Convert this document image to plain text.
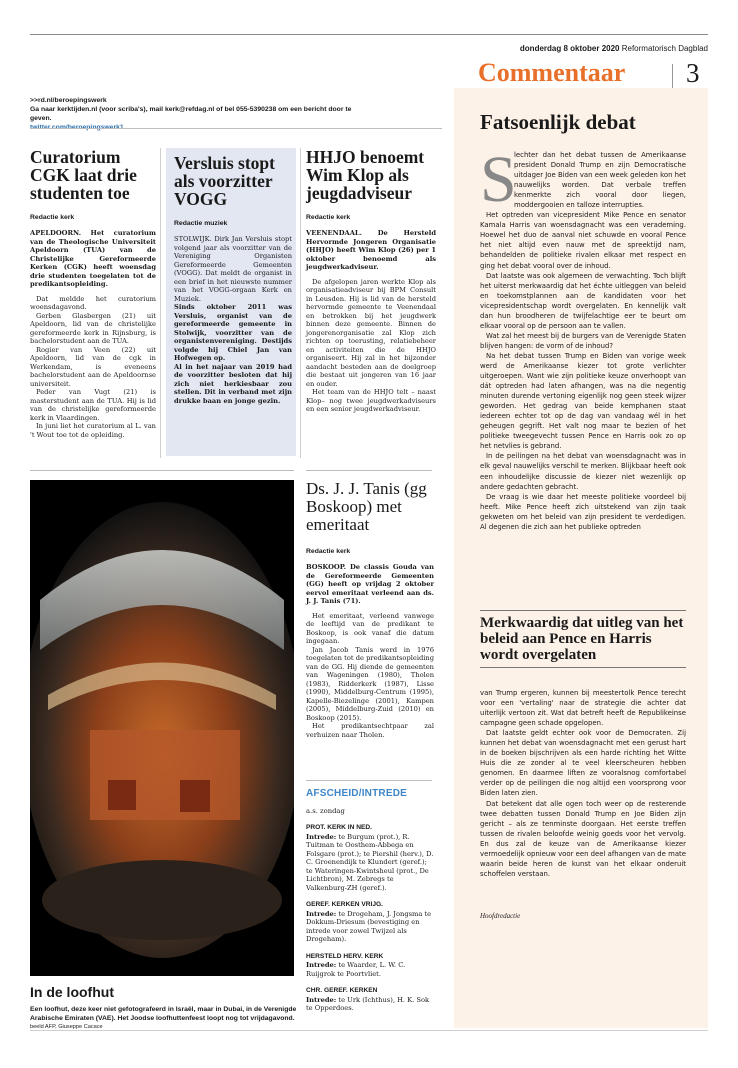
donderdag 8 oktober 2020 Reformatorisch Dagblad
Commentaar 3
>>rd.nl/beroepingswerk
Ga naar kerktijden.nl (voor scriba's), mail kerk@refdag.nl of bel 055-5390238 om een bericht door te geven.
Curatorium CGK laat drie studenten toe
Redactie kerk
APELDOORN. Het curatorium van de Theologische Universiteit Apeldoorn (TUA) van de Christelijke Gereformeerde Kerken (CGK) heeft woensdag drie studenten toegelaten tot de predikantsopleiding.

Dat meldde het curatorium woensdagavond.

Gerben Glasbergen (21) uit Apeldoorn, lid van de christelijke gereformeerde kerk in Rijnsburg, is bachelorstudent aan de TUA.

Rogier van Veen (22) uit Apeldoorn, lid van de cgk in Werkendam, is eveneens bachelorstudent aan de Apeldoornse universiteit.

Peder van Vugt (21) is masterstudent aan de TUA. Hij is lid van de christelijke gereformeerde kerk in Vlaardingen.

In juni liet het curatorium al L. van 't Wout toe tot de opleiding.

Versluis stopt als voorzitter VOGG
Redactie muziek
STOLWIJK. Dirk Jan Versluis stopt volgend jaar als voorzitter van de Vereniging Organisten Gereformeerde Gemeenten (VOGG). Dat meldt de organist in een brief in het nieuwste nummer van het VOGG-orgaan Kerk en Muziek.
Sinds oktober 2011 was Versluis, organist van de gereformeerde gemeente in Stolwijk, voorzitter van de organistenvereniging. Destijds volgde hij Chiel Jan van Hofwegen op.
Al in het najaar van 2019 had de voorzitter besloten dat hij zich niet herkiesbaar zou stellen. Dit in verband met zijn drukke baan en jonge gezin.
HHJO benoemt Wim Klop als jeugdadviseur
Redactie kerk
VEENENDAAL. De Hersteld Hervormde Jongeren Organisatie (HHJO) heeft Wim Klop (26) per 1 oktober benoemd als jeugdwerkadviseur.

De afgelopen jaren werkte Klop als organisatieadviseur bij BPM Consult in Leusden. Hij is lid van de hersteld hervormde gemeente te Veenendaal en betrokken bij het jeugdwerk binnen deze gemeente. Binnen de jongerenorganisatie zal Klop zich richten op toerusting, relatiebeheer en activiteiten die de HHJO organiseert. Hij zal in het bijzonder aandacht besteden aan de doelgroep die bestaat uit jongeren van 16 jaar en ouder.

Het team van de HHJO telt – naast Klop– nog twee jeugdwerkadviseurs en een senior jeugdwerkadviseur.

In de loofhut
Een loofhut, deze keer niet gefotografeerd in Israël, maar in Dubai, in de Verenigde Arabische Emiraten (VAE). Het Joodse loofhuttenfeest loopt nog tot vrijdagavond. beeld AFP, Giuseppe Cacace
Ds. J. J. Tanis (gg Boskoop) met emeritaat
Redactie kerk
BOSKOOP. De classis Gouda van de Gereformeerde Gemeenten (GG) heeft op vrijdag 2 oktober eervol emeritaat verleend aan ds. J. J. Tanis (71).

Het emeritaat, verleend vanwege de leeftijd van de predikant te Boskoop, is ook vanaf die datum ingegaan.

Jan Jacob Tanis werd in 1976 toegelaten tot de predikantsopleiding van de GG. Hij diende de gemeenten van Wageningen (1980), Tholen (1983), Ridderkerk (1987), Lisse (1990), Middelburg-Centrum (1995), Kapelle-Biezelinge (2001), Kampen (2005), Middelburg-Zuid (2010) en Boskoop (2015).

Het predikantsechtpaar zal verhuizen naar Tholen.

AFSCHEID/INTREDE
a.s. zondag
PROT. KERK IN NED.
Intrede: te Burgum (prot.), R. Tuitman te Oosthem-Abbega en Folsgare (prot.); te Piershil (herv.), D. C. Groenendijk te Klundert (geref.); te Wateringen-Kwintsheul (prot., De Lichtbron), M. Zebregs te Valkenburg-ZH (geref.).
GEREF. KERKEN VRIJG.
Intrede: te Drogeham, J. Jongsma te Dokkum-Driesum (bevestiging en intrede voor zowel Twijzel als Drogeham).
HERSTELD HERV. KERK
Intrede: te Waarder, L. W. C. Ruijgrok te Poortvliet.
CHR. GEREF. KERKEN
Intrede: te Urk (Ichthus), H. K. Sok te Opperdoes.
Fatsoenlijk debat

lechter dan het debat tussen de Amerikaanse president Donald Trump en zijn Democratische uitdager Joe Biden van een week geleden kon het nauwelijks worden. Dat verbale treffen kenmerkte zich vooral door liegen, moddergooien en talloze interrupties.

Het optreden van vicepresident Mike Pence en senator Kamala Harris van woensdagnacht was een verademing. Hoewel het duo de aanval niet schuwde en vooral Pence het niet altijd even nauw met de spreektijd nam, behandelden de politieke rivalen elkaar met respect en ging het debat vooral over de inhoud.

Dat laatste was ook algemeen de verwachting. Toch blijft het uiterst merkwaardig dat het échte uitleggen van beleid en toekomstplannen aan de kandidaten voor het vicepresidentschap wordt overgelaten. En kennelijk valt dan hun broodheren de twijfelachtige eer te beurt om elkaar vooral op de persoon aan te vallen.

Wat zal het meest bij de burgers van de Verenigde Staten blijven hangen: de vorm of de inhoud?

Na het debat tussen Trump en Biden van vorige week werd de Amerikaanse kiezer tot grote verlichter uitgeroepen. Want wie zijn politieke keuze onverhoopt van dát optreden had laten afhangen, was na die negentig minuten durende vertoning eigenlijk nog geen steek wijzer geworden. Het gedrag van beide kemphanen staat iedereen echter tot op de dag van vandaag wél in het geheugen gegrift. Het valt nog maar te bezien of het politieke tweegevecht tussen Pence en Harris ook zo op het netvlies is gebrand.

In de peilingen na het debat van woensdagnacht was in elk geval nauwelijks verschil te merken. Blijkbaar heeft ook een inhoudelijke discussie de kiezer niet wezenlijk op andere gedachten gebracht.

De vraag is wie daar het meeste politieke voordeel bij heeft. Mike Pence heeft zich uitstekend van zijn taak gekweten om het beleid van zijn president te verdedigen. Al degenen die zich aan het publieke optreden

S
Merkwaardig dat uitleg van het beleid aan Pence en Harris wordt overgelaten

van Trump ergeren, kunnen bij meestertolk Pence terecht voor een 'vertaling' naar de strategie die achter dat uiterlijk vertoon zit. Wat dat betreft heeft de Republikeinse campagne geen schade opgelopen.

Dat laatste geldt echter ook voor de Democraten. Zij kunnen het debat van woensdagnacht met een gerust hart in de boeken bijschrijven als een harde richting het Witte Huis die ze zonder al te veel kleerscheuren hebben genomen. En daarmee liften ze vooralsnog comfortabel verder op de peilingen die nog altijd een voorsprong voor Biden laten zien.

Dat betekent dat alle ogen toch weer op de resterende twee debatten tussen Donald Trump en Joe Biden zijn gericht – als ze tenminste doorgaan. Het eerste treffen tussen de rivalen beloofde weinig goeds voor het vervolg. En dus zal de keuze van de Amerikaanse kiezer vermoedelijk opnieuw voor een deel afhangen van de mate waarin beide heren de kunst van het elkaar onderuit schoffelen verstaan.

Hoofdredactie
